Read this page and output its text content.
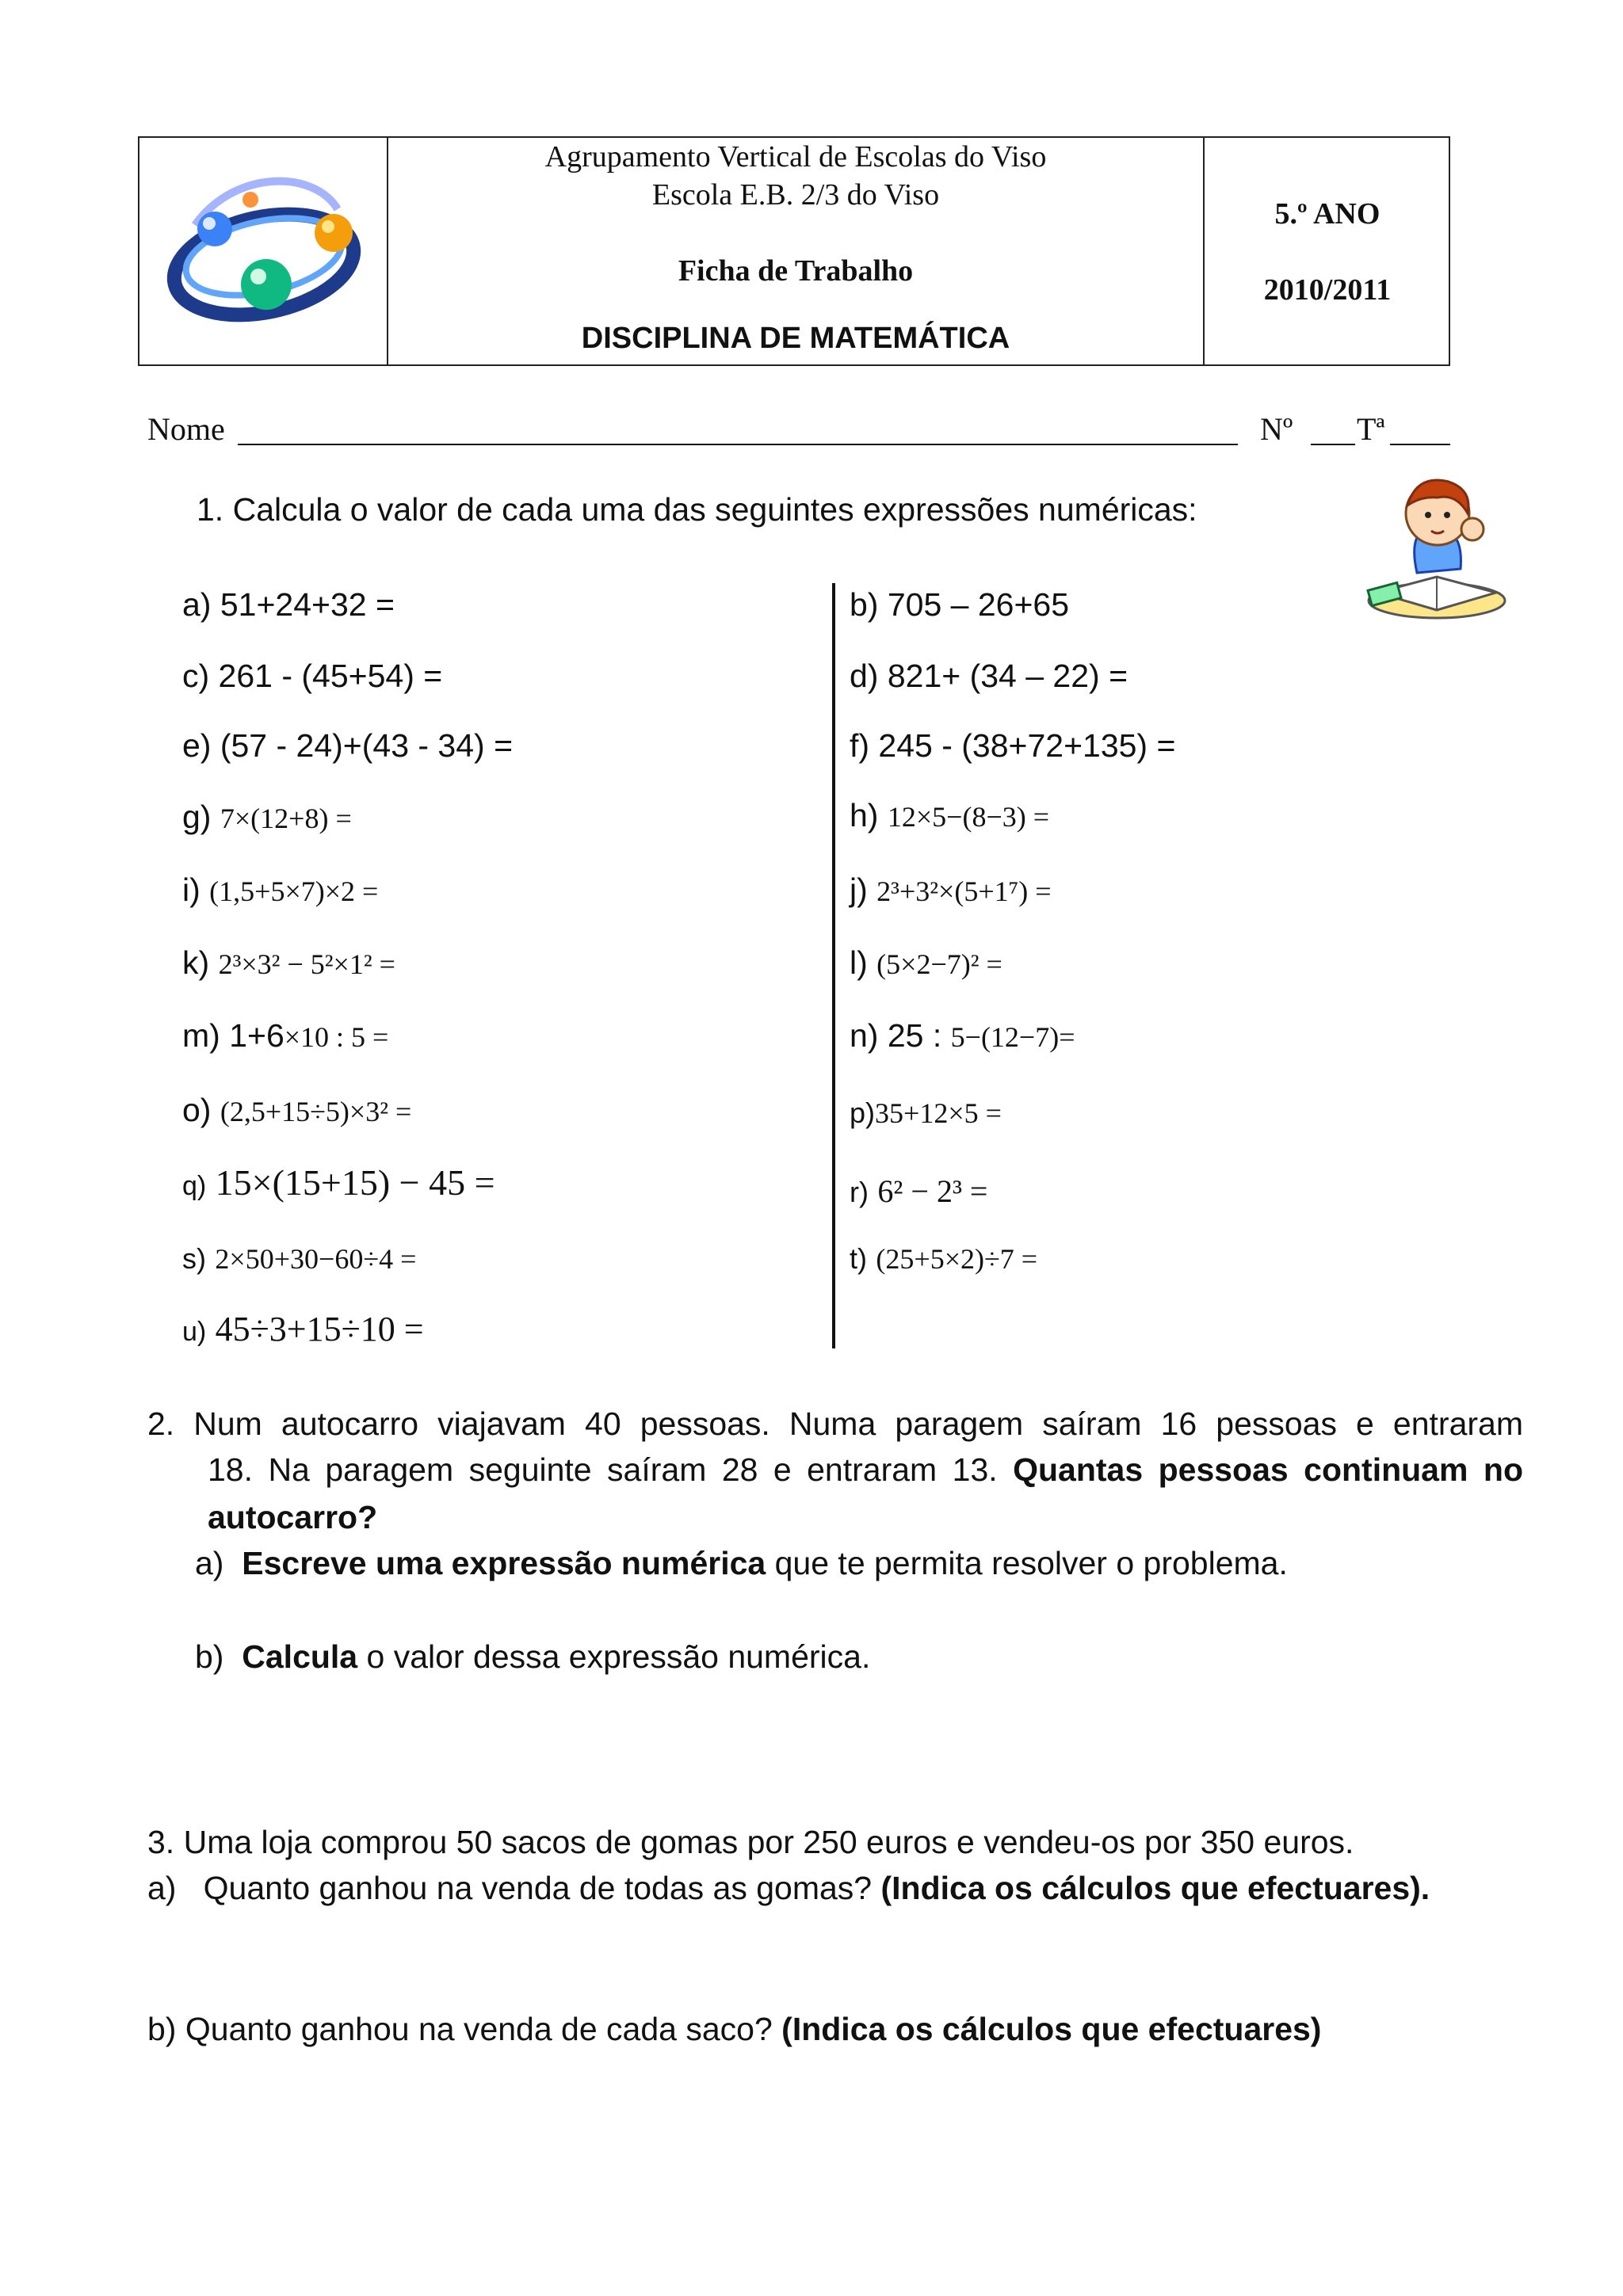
Agrupamento Vertical de Escolas do Viso
Escola E.B. 2/3 do Viso
Ficha de Trabalho
DISCIPLINA DE MATEMÁTICA
5.º ANO
2010/2011
Nome	Nº Tª
1. Calcula o valor de cada uma das seguintes expressões numéricas:
a) 51+24+32 =
c) 261 - (45+54) =
e) (57 - 24)+(43 - 34) =
g) 7×(12+8) =
i) (1,5+5×7)×2 =
k) 2³×3² − 5²×1² =
m) 1+6×10 : 5 =
o) (2,5+15÷5)×3² =
q) 15×(15+15) − 45 =
s) 2×50+30−60÷4 =
u) 45÷3+15÷10 =
b) 705 – 26+65
d) 821+ (34 – 22) =
f) 245 - (38+72+135) =
h) 12×5−(8−3) =
j) 2³+3²×(5+1⁷) =
l) (5×2−7)² =
n) 25 : 5−(12−7)=
p)35+12×5 =
r) 6² − 2³ =
t) (25+5×2)÷7 =
2. Num autocarro viajavam 40 pessoas. Numa paragem saíram 16 pessoas e entraram
18. Na paragem seguinte saíram 28 e entraram 13. Quantas pessoas continuam no
autocarro?
a) Escreve uma expressão numérica que te permita resolver o problema.
b) Calcula o valor dessa expressão numérica.
3. Uma loja comprou 50 sacos de gomas por 250 euros e vendeu-os por 350 euros.
a) Quanto ganhou na venda de todas as gomas? (Indica os cálculos que efectuares).
b) Quanto ganhou na venda de cada saco? (Indica os cálculos que efectuares)
